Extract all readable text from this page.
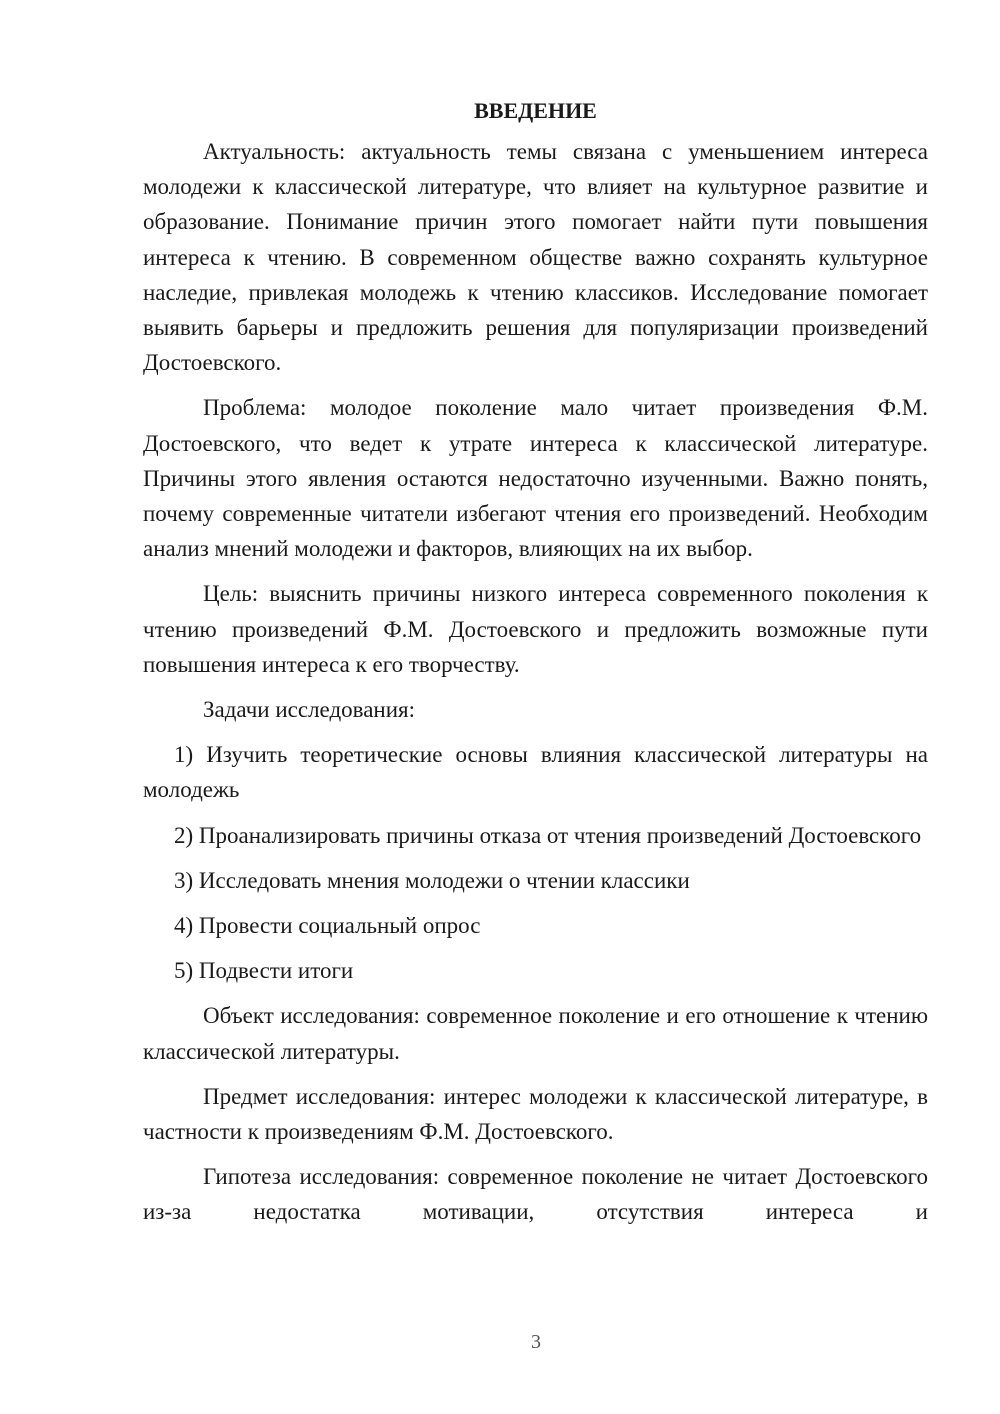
ВВЕДЕНИЕ

Актуальность: актуальность темы связана с уменьшением интереса молодежи к классической литературе, что влияет на культурное развитие и образование. Понимание причин этого помогает найти пути повышения интереса к чтению. В современном обществе важно сохранять культурное наследие, привлекая молодежь к чтению классиков. Исследование помогает выявить барьеры и предложить решения для популяризации произведений Достоевского.

Проблема: молодое поколение мало читает произведения Ф.М. Достоевского, что ведет к утрате интереса к классической литературе. Причины этого явления остаются недостаточно изученными. Важно понять, почему современные читатели избегают чтения его произведений. Необходим анализ мнений молодежи и факторов, влияющих на их выбор.

Цель: выяснить причины низкого интереса современного поколения к чтению произведений Ф.М. Достоевского и предложить возможные пути повышения интереса к его творчеству.

Задачи исследования:

1) Изучить теоретические основы влияния классической литературы на молодежь

2) Проанализировать причины отказа от чтения произведений Достоевского

3) Исследовать мнения молодежи о чтении классики

4) Провести социальный опрос

5) Подвести итоги

Объект исследования: современное поколение и его отношение к чтению классической литературы.

Предмет исследования: интерес молодежи к классической литературе, в частности к произведениям Ф.М. Достоевского.

Гипотеза исследования: современное поколение не читает Достоевского из-за недостатка мотивации, отсутствия интереса и

3
